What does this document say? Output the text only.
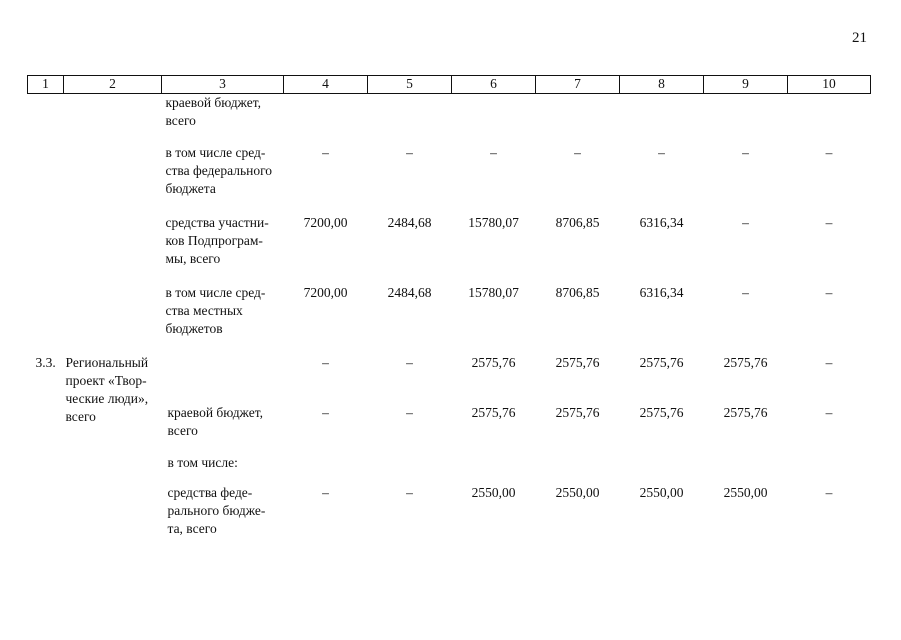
21
1	2	3	4	5	6	7	8	9	10

		краевой бюджет,
всего							

		в том числе сред-
ства федерального
бюджета	–	–	–	–	–	–	–

		средства участни-
ков Подпрограм-
мы, всего	7200,00	2484,68	15780,07	8706,85	6316,34	–	–

		в том числе сред-
ства местных
бюджетов	7200,00	2484,68	15780,07	8706,85	6316,34	–	–

3.3.	Региональный
проект «Твор-
ческие люди»,
всего		–	–	2575,76	2575,76	2575,76	2575,76	–

		краевой бюджет,
всего	–	–	2575,76	2575,76	2575,76	2575,76	–

		в том числе:							

		средства феде-
рального бюдже-
та, всего	–	–	2550,00	2550,00	2550,00	2550,00	–
